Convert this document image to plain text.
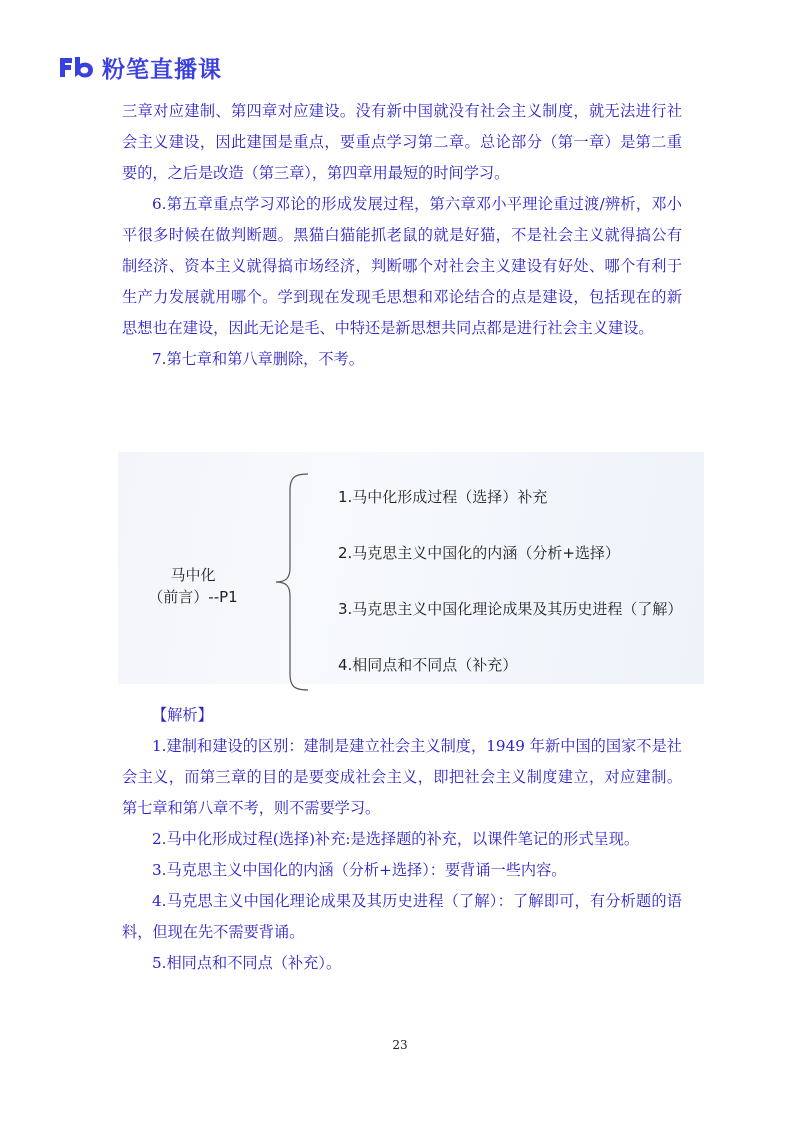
粉笔直播课

三章对应建制、第四章对应建设。没有新中国就没有社会主义制度，就无法进行社会主义建设，因此建国是重点，要重点学习第二章。总论部分（第一章）是第二重要的，之后是改造（第三章），第四章用最短的时间学习。

6.第五章重点学习邓论的形成发展过程，第六章邓小平理论重过渡/辨析，邓小平很多时候在做判断题。黑猫白猫能抓老鼠的就是好猫，不是社会主义就得搞公有制经济、资本主义就得搞市场经济，判断哪个对社会主义建设有好处、哪个有利于生产力发展就用哪个。学到现在发现毛思想和邓论结合的点是建设，包括现在的新思想也在建设，因此无论是毛、中特还是新思想共同点都是进行社会主义建设。

7.第七章和第八章删除，不考。

马中化
（前言）--P1
1.马中化形成过程（选择）补充
2.马克思主义中国化的内涵（分析+选择）
3.马克思主义中国化理论成果及其历史进程（了解）
4.相同点和不同点（补充）

【解析】

1.建制和建设的区别：建制是建立社会主义制度，1949 年新中国的国家不是社会主义，而第三章的目的是要变成社会主义，即把社会主义制度建立，对应建制。第七章和第八章不考，则不需要学习。

2.马中化形成过程(选择)补充:是选择题的补充，以课件笔记的形式呈现。

3.马克思主义中国化的内涵（分析+选择）：要背诵一些内容。

4.马克思主义中国化理论成果及其历史进程（了解）：了解即可，有分析题的语料，但现在先不需要背诵。

5.相同点和不同点（补充）。

23
